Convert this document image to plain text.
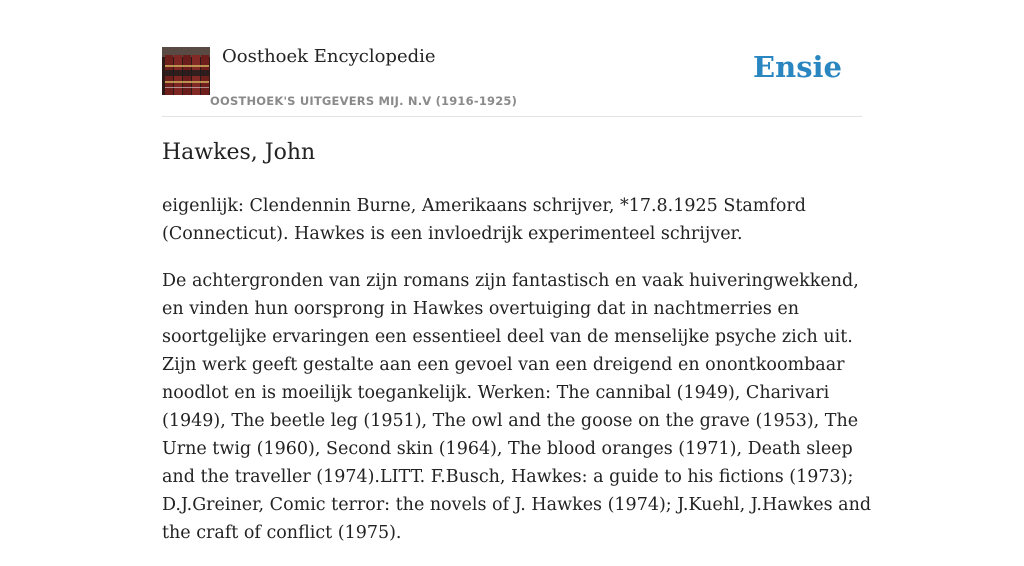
Oosthoek Encyclopedie
OOSTHOEK'S UITGEVERS MIJ. N.V (1916-1925)
Ensie
Hawkes, John

eigenlijk: Clendennin Burne, Amerikaans schrijver, *17.8.1925 Stamford (Connecticut). Hawkes is een invloedrijk experimenteel schrijver.

De achtergronden van zijn romans zijn fantastisch en vaak huiveringwekkend, en vinden hun oorsprong in Hawkes overtuiging dat in nachtmerries en soortgelijke ervaringen een essentieel deel van de menselijke psyche zich uit. Zijn werk geeft gestalte aan een gevoel van een dreigend en onontkoombaar noodlot en is moeilijk toegankelijk. Werken: The cannibal (1949), Charivari (1949), The beetle leg (1951), The owl and the goose on the grave (1953), The Urne twig (1960), Second skin (1964), The blood oranges (1971), Death sleep and the traveller (1974).LITT. F.Busch, Hawkes: a guide to his fictions (1973); D.J.Greiner, Comic terror: the novels of J. Hawkes (1974); J.Kuehl, J.Hawkes and the craft of conflict (1975).
